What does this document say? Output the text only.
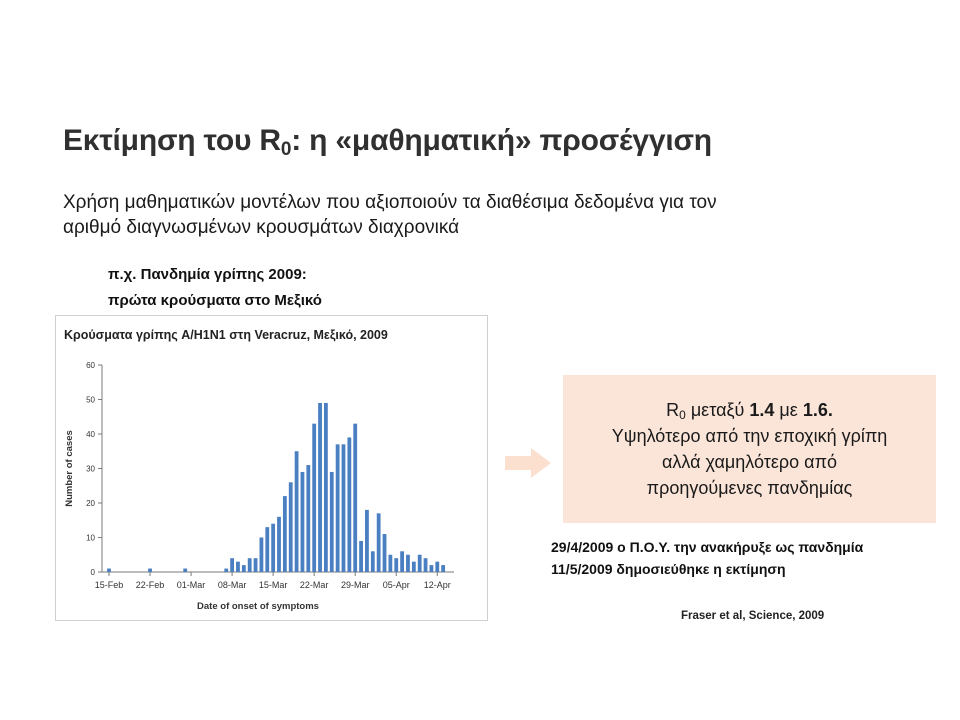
Εκτίμηση του $R_0$: η «μαθηματική» προσέγγιση
Χρήση μαθηματικών μοντέλων που αξιοποιούν τα διαθέσιμα δεδομένα για τον
αριθμό διαγνωσμένων κρουσμάτων διαχρονικά
π.χ. Πανδημία γρίπης 2009:
πρώτα κρούσματα στο Μεξικό
Κρούσματα γρίπης A/H1N1 στη Veracruz, Μεξικό, 2009
0
10
20
30
40
50
60
15-Feb 22-Feb 01-Mar 08-Mar 15-Mar 22-Mar 29-Mar 05-Apr 12-Apr
Date of onset of symptoms
Number of cases
$R_0$ μεταξύ 1.4 με 1.6.
Υψηλότερο από την εποχική γρίπη
αλλά χαμηλότερο από
προηγούμενες πανδημίας
29/4/2009 ο Π.Ο.Υ. την ανακήρυξε ως πανδημία
11/5/2009 δημοσιεύθηκε η εκτίμηση
Fraser et al, Science, 2009
